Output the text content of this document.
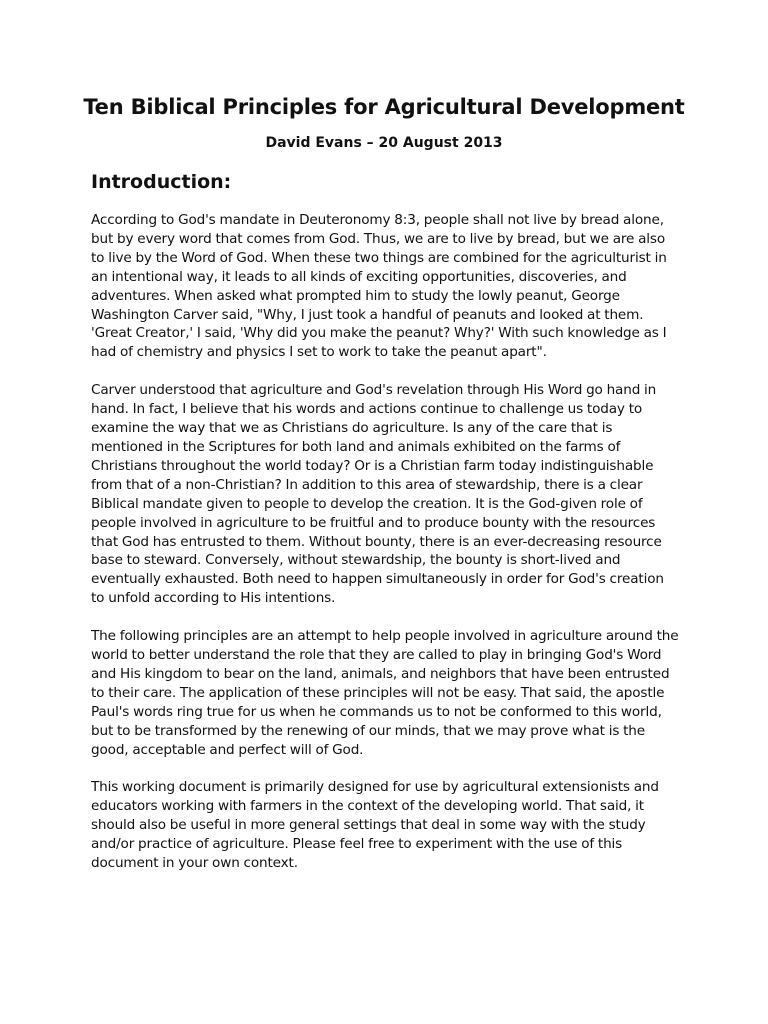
Ten Biblical Principles for Agricultural Development

David Evans – 20 August 2013

Introduction:

According to God's mandate in Deuteronomy 8:3, people shall not live by bread alone, but by every word that comes from God. Thus, we are to live by bread, but we are also to live by the Word of God. When these two things are combined for the agriculturist in an intentional way, it leads to all kinds of exciting opportunities, discoveries, and adventures. When asked what prompted him to study the lowly peanut, George Washington Carver said, "Why, I just took a handful of peanuts and looked at them. 'Great Creator,' I said, 'Why did you make the peanut? Why?' With such knowledge as I had of chemistry and physics I set to work to take the peanut apart".

Carver understood that agriculture and God's revelation through His Word go hand in hand. In fact, I believe that his words and actions continue to challenge us today to examine the way that we as Christians do agriculture. Is any of the care that is mentioned in the Scriptures for both land and animals exhibited on the farms of Christians throughout the world today? Or is a Christian farm today indistinguishable from that of a non-Christian? In addition to this area of stewardship, there is a clear Biblical mandate given to people to develop the creation. It is the God-given role of people involved in agriculture to be fruitful and to produce bounty with the resources that God has entrusted to them. Without bounty, there is an ever-decreasing resource base to steward. Conversely, without stewardship, the bounty is short-lived and eventually exhausted. Both need to happen simultaneously in order for God's creation to unfold according to His intentions.

The following principles are an attempt to help people involved in agriculture around the world to better understand the role that they are called to play in bringing God's Word and His kingdom to bear on the land, animals, and neighbors that have been entrusted to their care. The application of these principles will not be easy. That said, the apostle Paul's words ring true for us when he commands us to not be conformed to this world, but to be transformed by the renewing of our minds, that we may prove what is the good, acceptable and perfect will of God.

This working document is primarily designed for use by agricultural extensionists and educators working with farmers in the context of the developing world. That said, it should also be useful in more general settings that deal in some way with the study and/or practice of agriculture. Please feel free to experiment with the use of this document in your own context.
